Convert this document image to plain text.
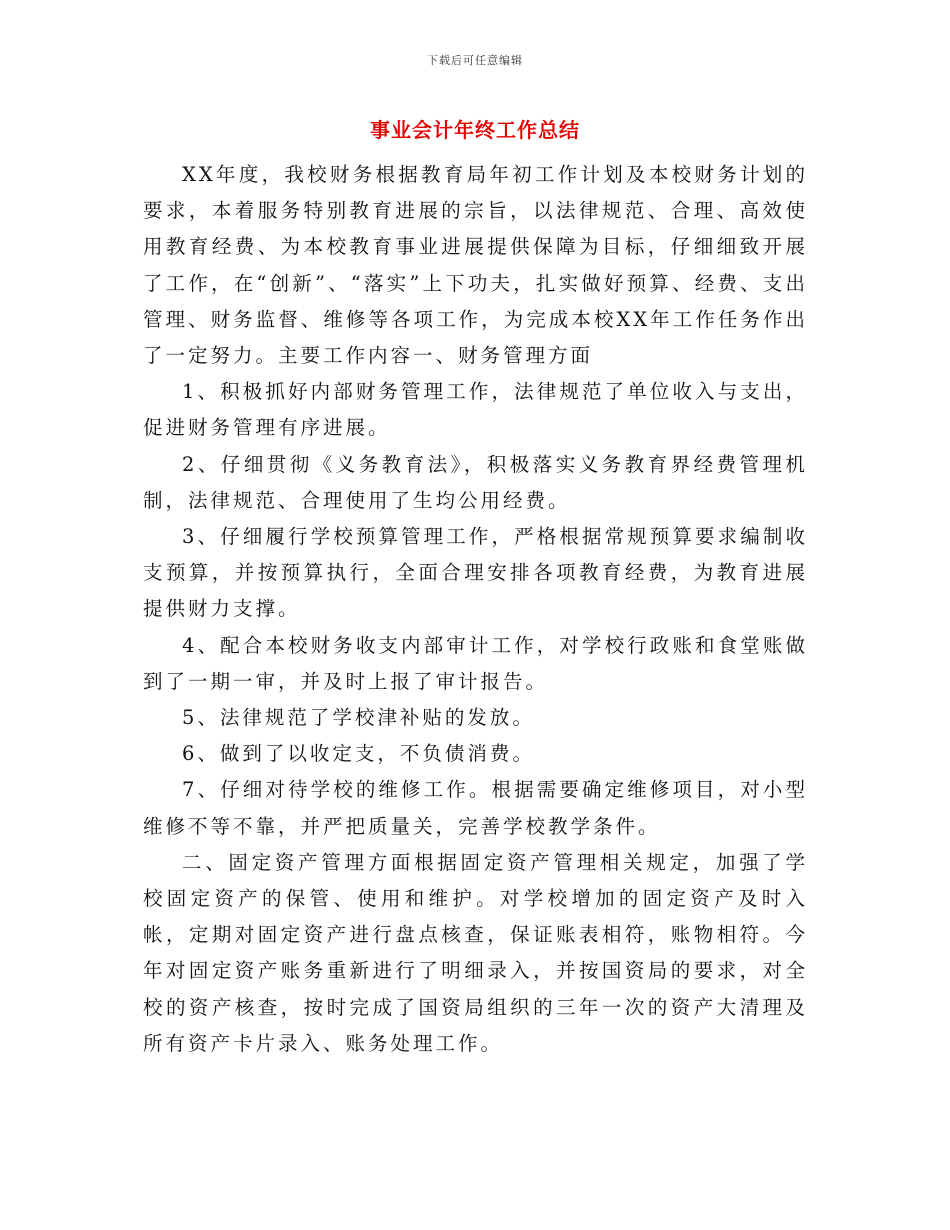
下载后可任意编辑
事业会计年终工作总结

XX年度，我校财务根据教育局年初工作计划及本校财务计划的要求，本着服务特别教育进展的宗旨，以法律规范、合理、高效使用教育经费、为本校教育事业进展提供保障为目标，仔细细致开展了工作，在“创新”、“落实”上下功夫，扎实做好预算、经费、支出管理、财务监督、维修等各项工作，为完成本校XX年工作任务作出了一定努力。主要工作内容一、财务管理方面

1、积极抓好内部财务管理工作，法律规范了单位收入与支出，促进财务管理有序进展。

2、仔细贯彻《义务教育法》，积极落实义务教育界经费管理机制，法律规范、合理使用了生均公用经费。

3、仔细履行学校预算管理工作，严格根据常规预算要求编制收支预算，并按预算执行，全面合理安排各项教育经费，为教育进展提供财力支撑。

4、配合本校财务收支内部审计工作，对学校行政账和食堂账做到了一期一审，并及时上报了审计报告。

5、法律规范了学校津补贴的发放。

6、做到了以收定支，不负债消费。

7、仔细对待学校的维修工作。根据需要确定维修项目，对小型维修不等不靠，并严把质量关，完善学校教学条件。

二、固定资产管理方面根据固定资产管理相关规定，加强了学校固定资产的保管、使用和维护。对学校增加的固定资产及时入帐，定期对固定资产进行盘点核查，保证账表相符，账物相符。今年对固定资产账务重新进行了明细录入，并按国资局的要求，对全校的资产核查，按时完成了国资局组织的三年一次的资产大清理及所有资产卡片录入、账务处理工作。
